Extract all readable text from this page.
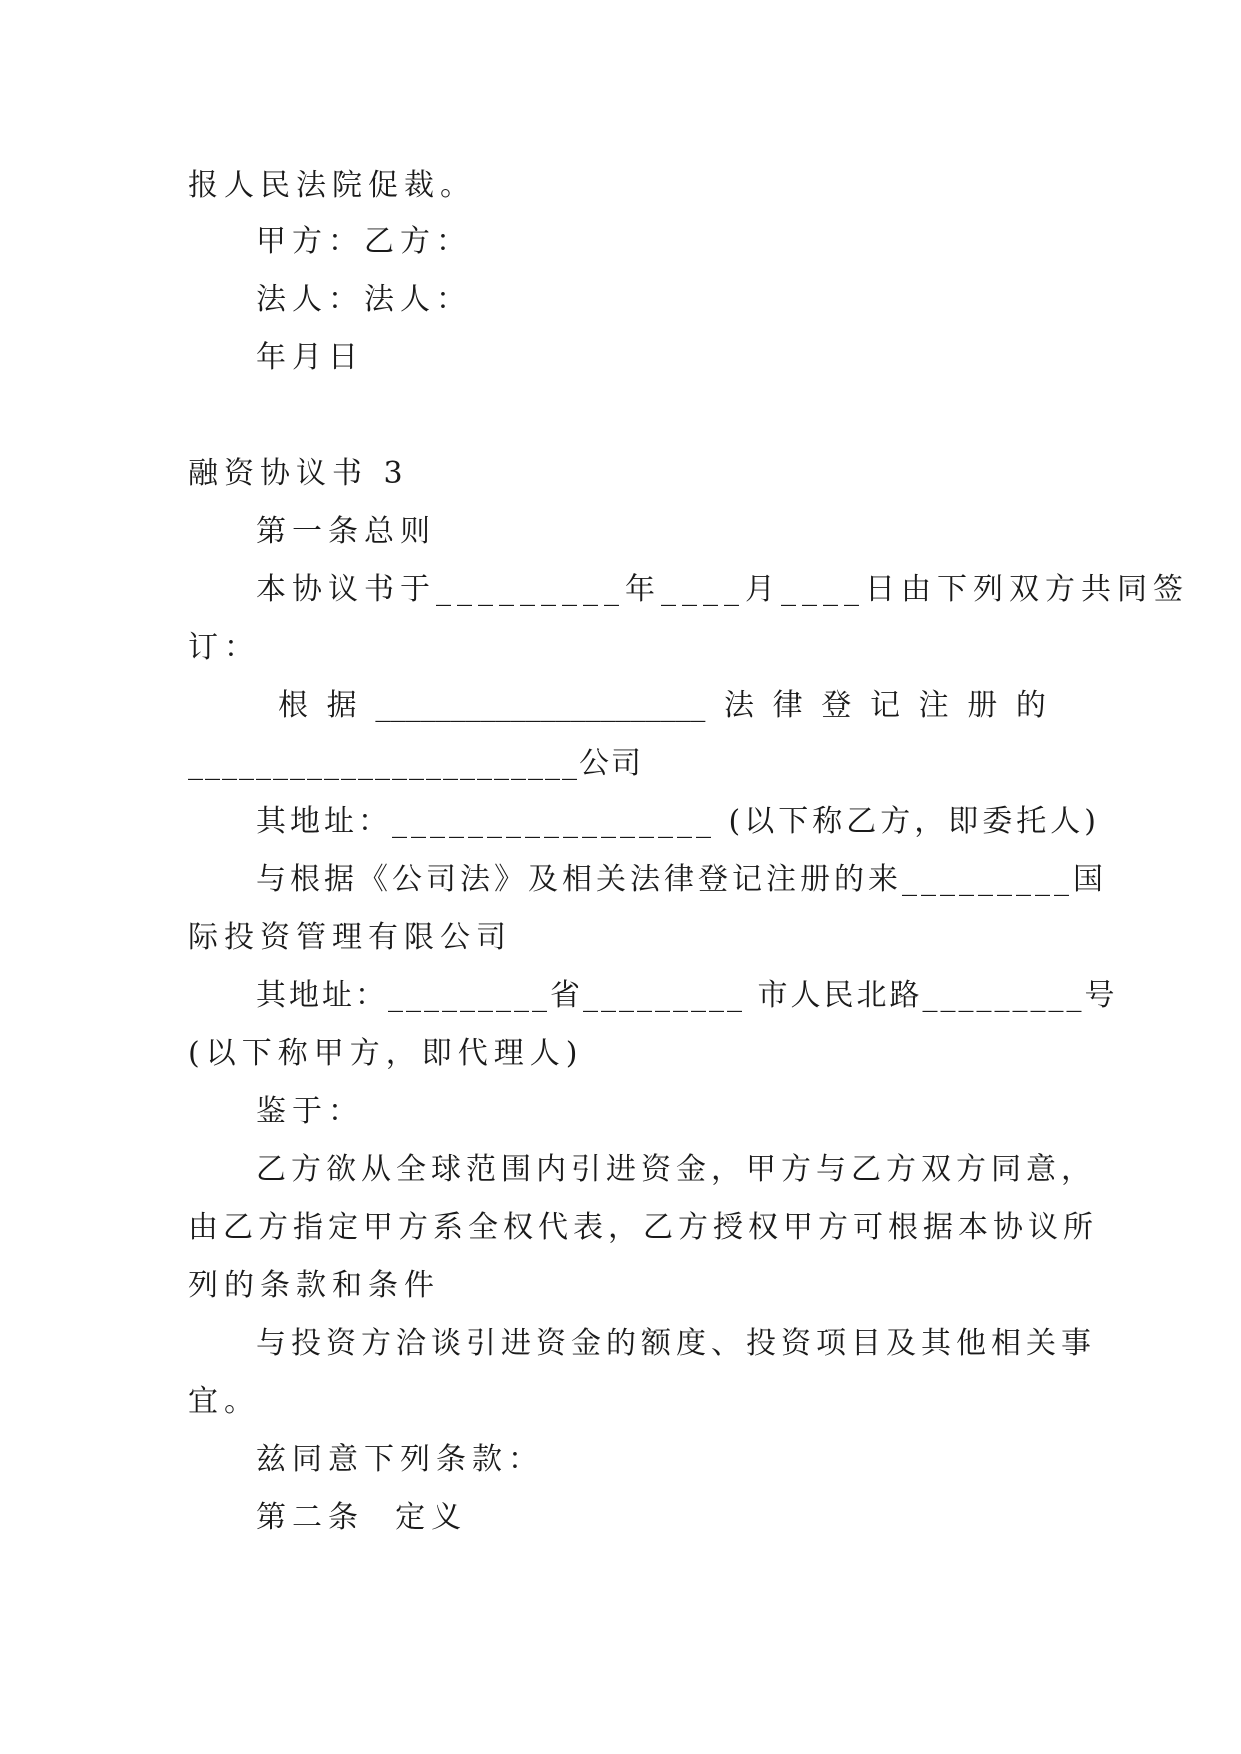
报人民法院促裁。
甲方：乙方：
法人：法人：
年月日
融资协议书 3
第一条总则
本协议书于_________年____月____日由下列双方共同签
订：
根 据 ______________________ 法 律 登 记 注 册 的
_______________________公司
其地址：_________________ (以下称乙方，即委托人)
与根据《公司法》及相关法律登记注册的来_________国
际投资管理有限公司
其地址：_________省_________ 市人民北路_________号
(以下称甲方，即代理人)
鉴于：
乙方欲从全球范围内引进资金，甲方与乙方双方同意，
由乙方指定甲方系全权代表，乙方授权甲方可根据本协议所
列的条款和条件
与投资方洽谈引进资金的额度、投资项目及其他相关事
宜。
兹同意下列条款：
第二条  定义
